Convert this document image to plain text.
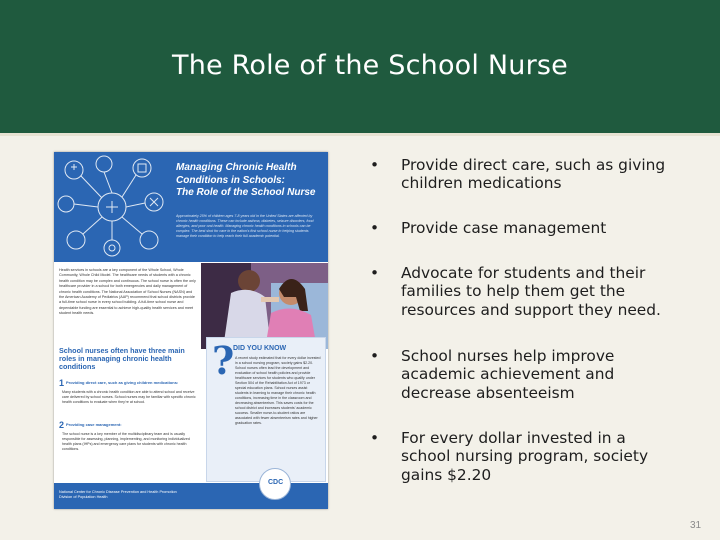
The Role of the School Nurse
Managing Chronic Health
Conditions in Schools:
The Role of the School Nurse
Approximately 25% of children ages 7-8 years old in the United States are affected by chronic health conditions. These can include asthma, diabetes, seizure disorders, food allergies, and poor oral health. Managing chronic health conditions in schools can be complex. The best shot for care in the nation's first school nurse in helping students manage their condition to help reach their full academic potential.
Health services in schools are a key component of the Whole School, Whole Community, Whole Child Model. The healthcare needs of students with a chronic health condition may be complex and continuous. The school nurse is often the only healthcare provider in a school for both emergencies and daily management of chronic health conditions. The National Association of School Nurses (NASN) and the American Academy of Pediatrics (AAP) recommend that school districts provide a full-time school nurse in every school building. A full-time school nurse and dependable funding are essential to achieve high-quality health services and meet student health needs.
School nurses often have three main roles in managing chronic health conditions
1 Providing direct care, such as giving children medications:
Many students with a chronic health condition are able to attend school and receive care delivered by school nurses. School nurses may be familiar with specific chronic health conditions to evaluate when they're at school.
2 Providing case management:
The school nurse is a key member of the multidisciplinary team and is usually responsible for assessing, planning, implementing, and monitoring individualized health plans (IHPs) and emergency care plans for students with chronic health conditions.
?
DID YOU KNOW
A recent study estimated that for every dollar invested in a school nursing program, society gains $2.20. School nurses often lead the development and evaluation of school health policies and provide healthcare services for students who qualify under Section 504 of the Rehabilitation Act of 1973 or special education plans. School nurses assist students in learning to manage their chronic health conditions, increasing time in the classroom and decreasing absenteeism. This saves costs for the school district and increases students' academic success. Smaller nurse-to-student ratios are associated with fewer absenteeism rates and higher graduation rates.
National Center for Chronic Disease Prevention and Health Promotion
Division of Population Health
CDC
• Provide direct care, such as giving children medications
• Provide case management
• Advocate for students and their families to help them get the resources and support they need.
• School nurses help improve academic achievement and decrease absenteeism
• For every dollar invested in a school nursing program, society gains $2.20
31
